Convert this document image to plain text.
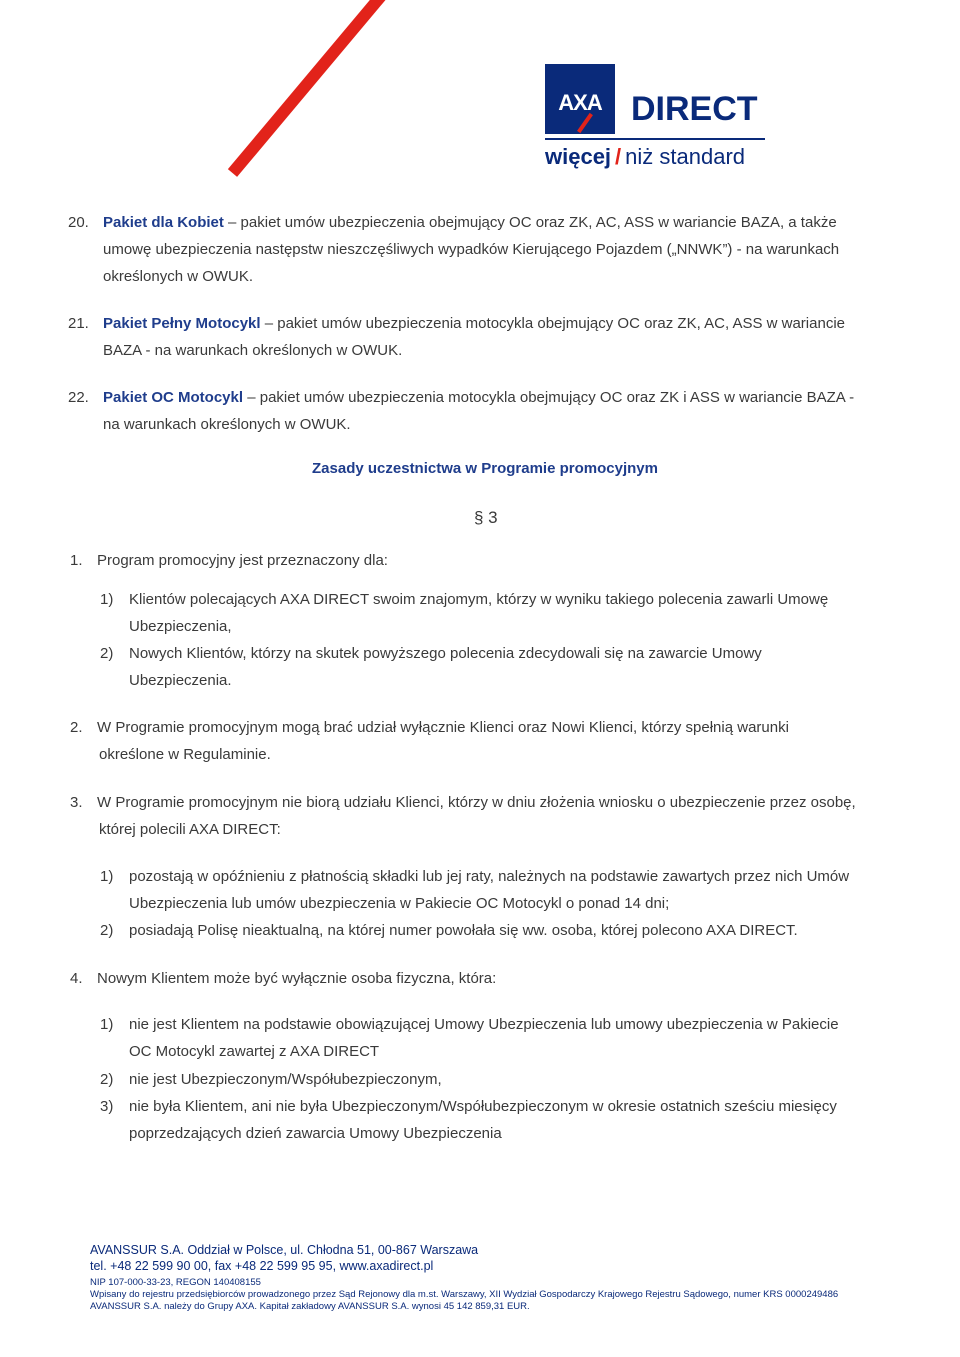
AXA DIRECT
więcej / niż standard
20. Pakiet dla Kobiet – pakiet umów ubezpieczenia obejmujący OC oraz ZK, AC, ASS w wariancie BAZA, a także
umowę ubezpieczenia następstw nieszczęśliwych wypadków Kierującego Pojazdem („NNWK”) - na warunkach
określonych w OWUK.
21. Pakiet Pełny Motocykl – pakiet umów ubezpieczenia motocykla obejmujący OC oraz ZK, AC, ASS w wariancie
BAZA - na warunkach określonych w OWUK.
22. Pakiet OC Motocykl – pakiet umów ubezpieczenia motocykla obejmujący OC oraz ZK i ASS w wariancie BAZA -
na warunkach określonych w OWUK.
Zasady uczestnictwa w Programie promocyjnym
§ 3
1. Program promocyjny jest przeznaczony dla:
1) Klientów polecających AXA DIRECT swoim znajomym, którzy w wyniku takiego polecenia zawarli Umowę
Ubezpieczenia,
2) Nowych Klientów, którzy na skutek powyższego polecenia zdecydowali się na zawarcie Umowy
Ubezpieczenia.
2. W Programie promocyjnym mogą brać udział wyłącznie Klienci oraz Nowi Klienci, którzy spełnią warunki
określone w Regulaminie.
3. W Programie promocyjnym nie biorą udziału Klienci, którzy w dniu złożenia wniosku o ubezpieczenie przez osobę,
której polecili AXA DIRECT:
1) pozostają w opóźnieniu z płatnością składki lub jej raty, należnych na podstawie zawartych przez nich Umów
Ubezpieczenia lub umów ubezpieczenia w Pakiecie OC Motocykl o ponad 14 dni;
2) posiadają Polisę nieaktualną, na której numer powołała się ww. osoba, której polecono AXA DIRECT.
4. Nowym Klientem może być wyłącznie osoba fizyczna, która:
1) nie jest Klientem na podstawie obowiązującej Umowy Ubezpieczenia lub umowy ubezpieczenia w Pakiecie
OC Motocykl zawartej z AXA DIRECT
2) nie jest Ubezpieczonym/Współubezpieczonym,
3) nie była Klientem, ani nie była Ubezpieczonym/Współubezpieczonym w okresie ostatnich sześciu miesięcy
poprzedzających dzień zawarcia Umowy Ubezpieczenia
AVANSSUR S.A. Oddział w Polsce, ul. Chłodna 51, 00-867 Warszawa
tel. +48 22 599 90 00, fax +48 22 599 95 95, www.axadirect.pl
NIP 107-000-33-23, REGON 140408155
Wpisany do rejestru przedsiębiorców prowadzonego przez Sąd Rejonowy dla m.st. Warszawy, XII Wydział Gospodarczy Krajowego Rejestru Sądowego, numer KRS 0000249486
AVANSSUR S.A. należy do Grupy AXA. Kapitał zakładowy AVANSSUR S.A. wynosi 45 142 859,31 EUR.
